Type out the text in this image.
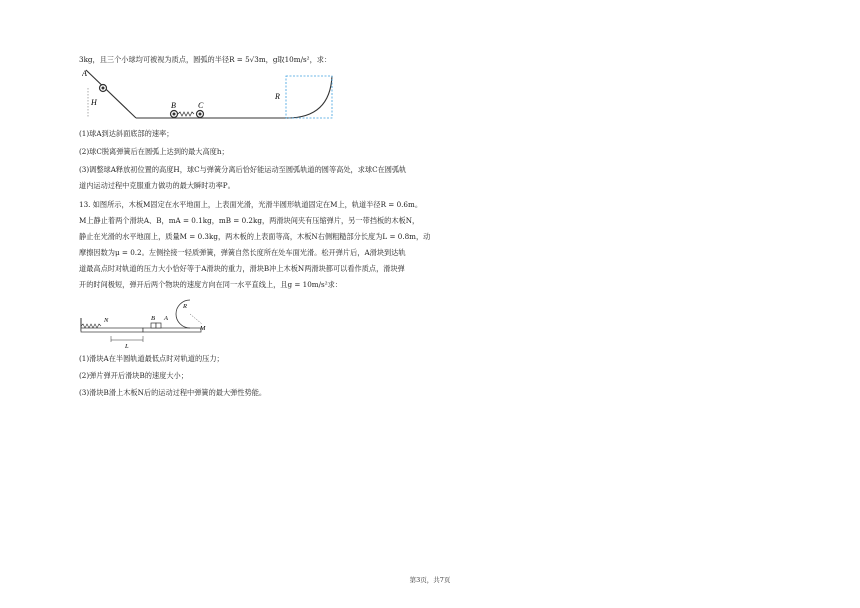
3kg，且三个小球均可被视为质点，圆弧的半径R = 5√3m，g取10m/s²，求：
A
H	B	C
R
(1)球A到达斜面底部的速率；
(2)球C脱离弹簧后在圆弧上达到的最大高度h；
(3)调整球A释放初位置的高度H，球C与弹簧分离后恰好能运动至圆弧轨道的圆等高处，求球C在圆弧轨
道内运动过程中克服重力做功的最大瞬时功率P。
13. 如图所示，木板M固定在水平地面上，上表面光滑，光滑半圆形轨道固定在M上，轨道半径R = 0.6m。
M上静止着两个滑块A、B，mA = 0.1kg，mB = 0.2kg，两滑块间夹有压缩弹片，另一带挡板的木板N，
静止在光滑的水平地面上，质量M = 0.3kg，两木板的上表面等高，木板N右侧粗糙部分长度为L = 0.8m，动
摩擦因数为μ = 0.2。左侧拴接一轻质弹簧，弹簧自然长度所在处车面光滑。松开弹片后，A滑块到达轨
道最高点时对轨道的压力大小恰好等于A滑块的重力，滑块B冲上木板N两滑块都可以看作质点，滑块弹
开的时间极短，弹开后两个物块的速度方向在同一水平直线上，且g = 10m/s²求：
N	B A
R
M
L
(1)滑块A在半圆轨道最低点时对轨道的压力；
(2)弹片弹开后滑块B的速度大小；
(3)滑块B滑上木板N后的运动过程中弹簧的最大弹性势能。
第3页，共7页
